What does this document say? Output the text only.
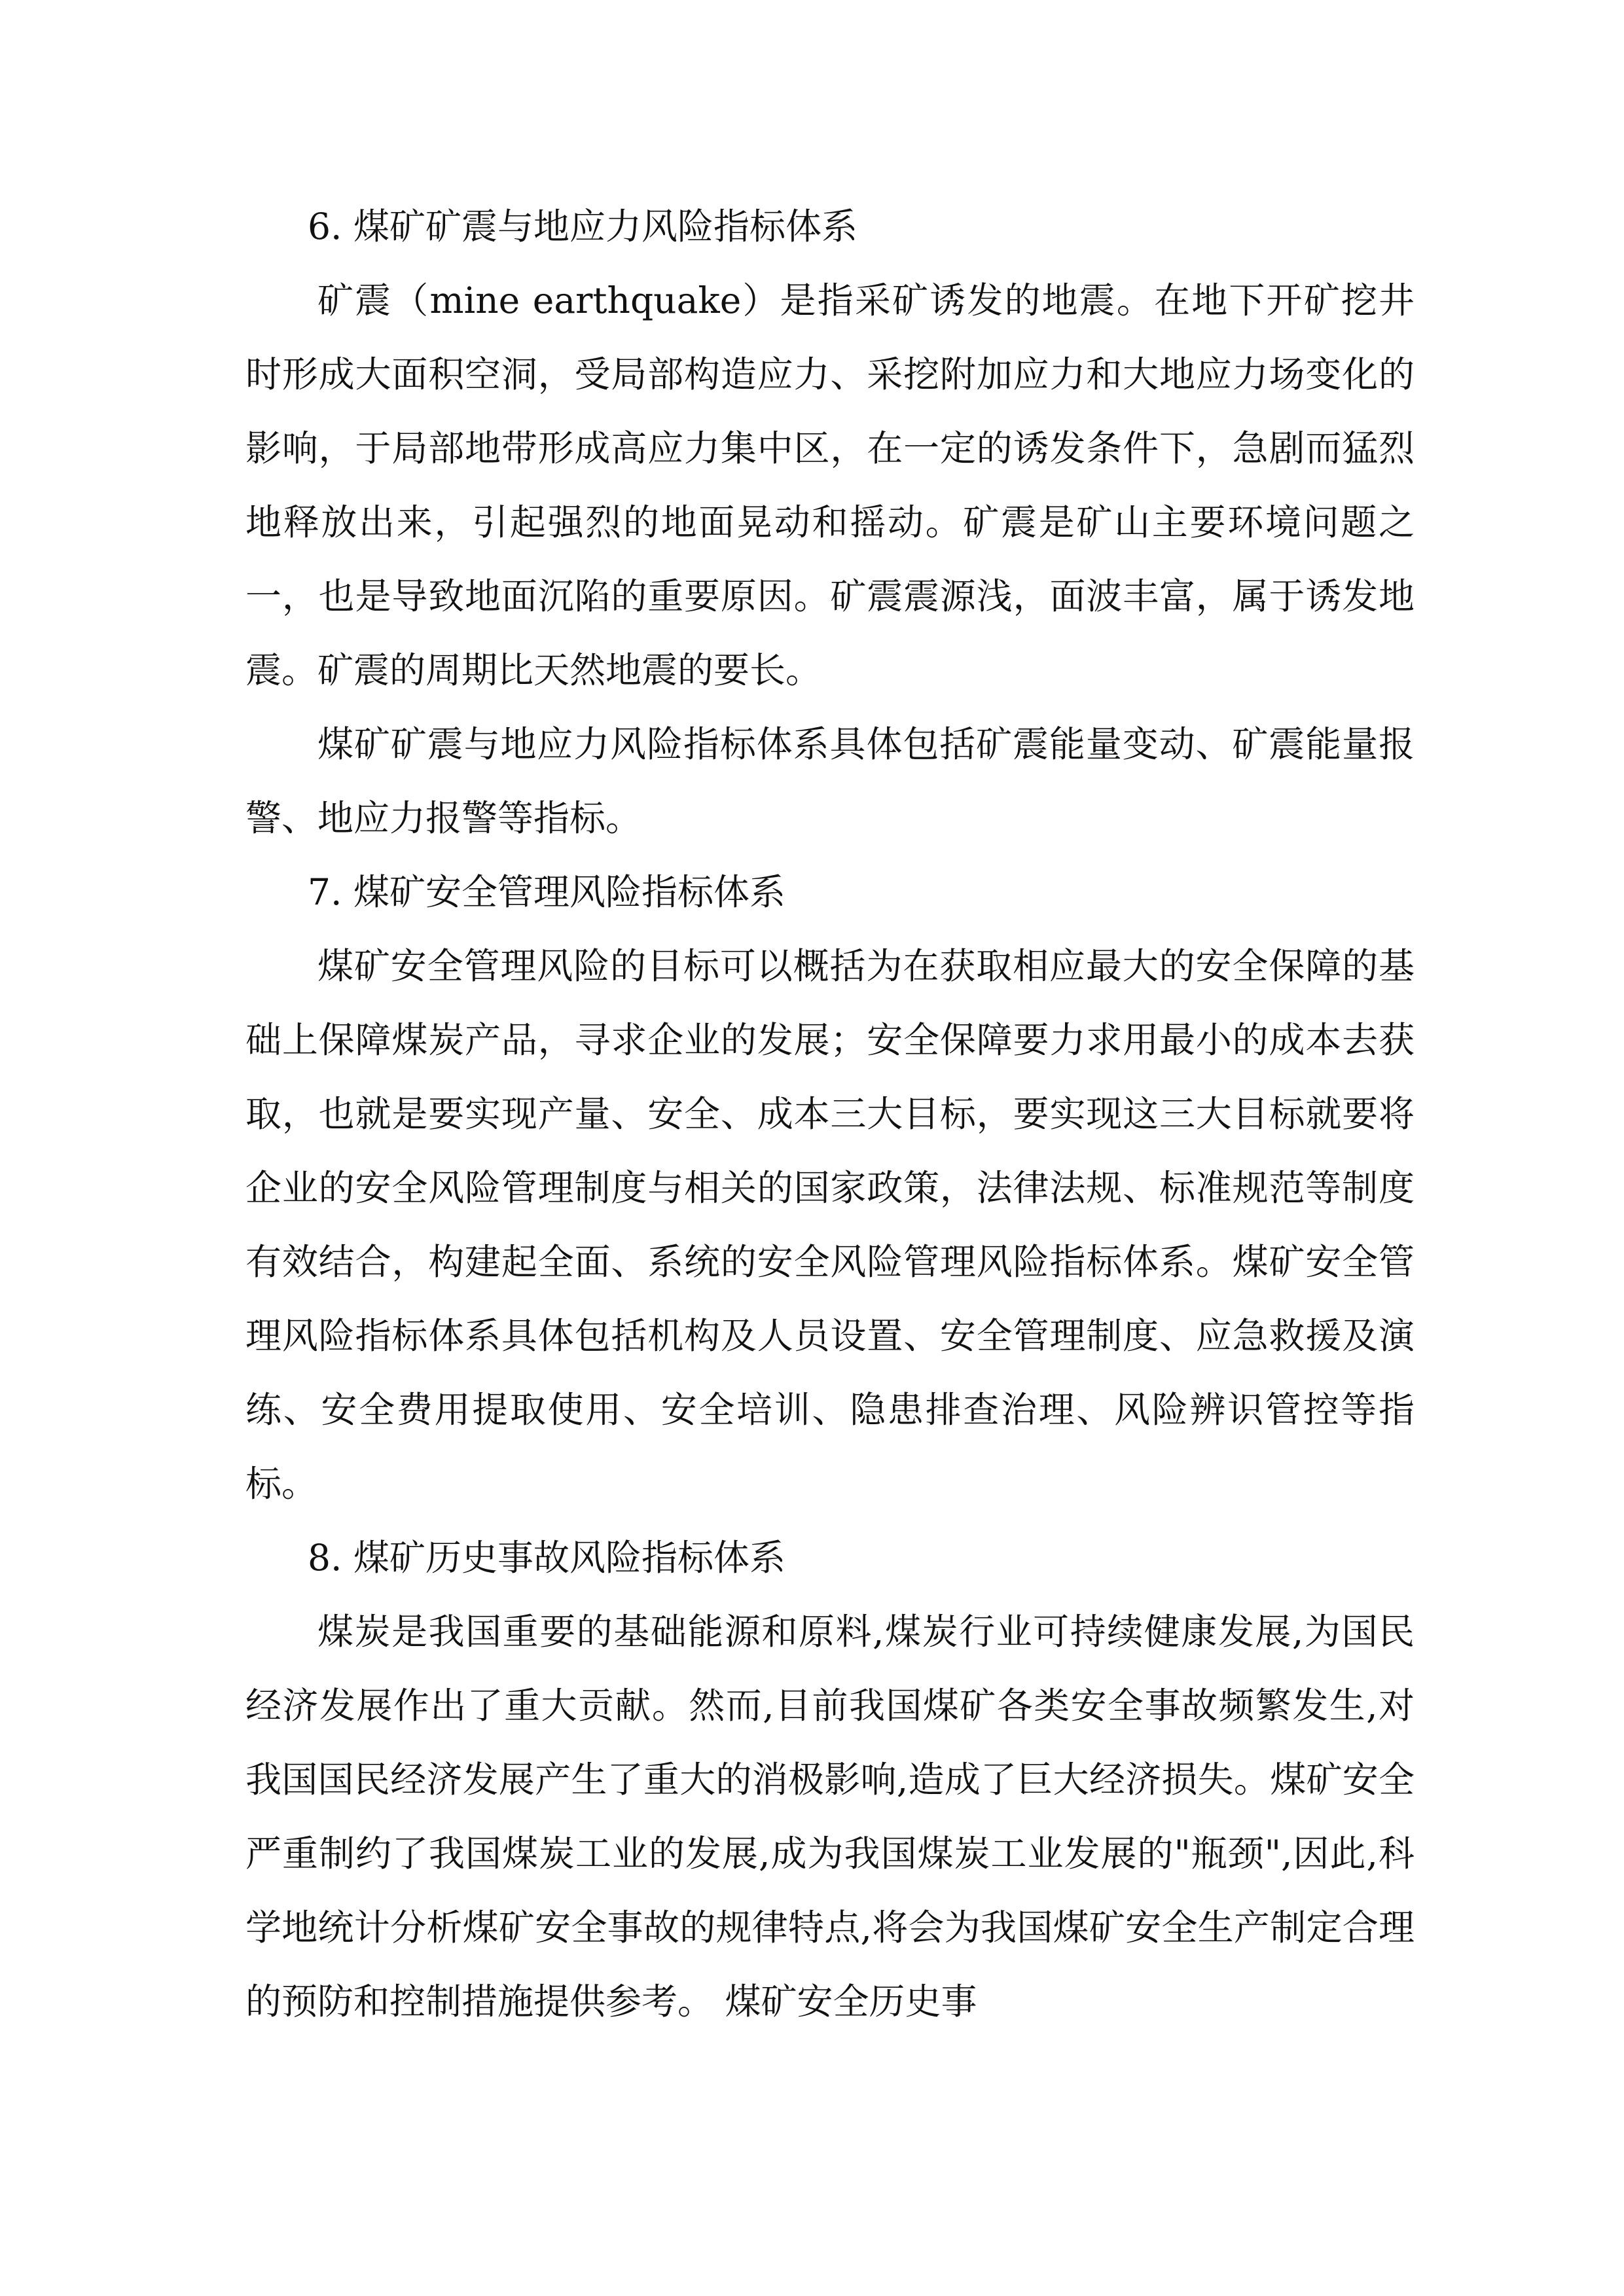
6. 煤矿矿震与地应力风险指标体系

矿震（mine earthquake）是指采矿诱发的地震。在地下开矿挖井时形成大面积空洞，受局部构造应力、采挖附加应力和大地应力场变化的影响，于局部地带形成高应力集中区，在一定的诱发条件下，急剧而猛烈地释放出来，引起强烈的地面晃动和摇动。矿震是矿山主要环境问题之一，也是导致地面沉陷的重要原因。矿震震源浅，面波丰富，属于诱发地震。矿震的周期比天然地震的要长。

煤矿矿震与地应力风险指标体系具体包括矿震能量变动、矿震能量报警、地应力报警等指标。

7. 煤矿安全管理风险指标体系

煤矿安全管理风险的目标可以概括为在获取相应最大的安全保障的基础上保障煤炭产品，寻求企业的发展；安全保障要力求用最小的成本去获取，也就是要实现产量、安全、成本三大目标，要实现这三大目标就要将企业的安全风险管理制度与相关的国家政策，法律法规、标准规范等制度有效结合，构建起全面、系统的安全风险管理风险指标体系。煤矿安全管理风险指标体系具体包括机构及人员设置、安全管理制度、应急救援及演练、安全费用提取使用、安全培训、隐患排查治理、风险辨识管控等指标。

8. 煤矿历史事故风险指标体系

煤炭是我国重要的基础能源和原料,煤炭行业可持续健康发展,为国民经济发展作出了重大贡献。然而,目前我国煤矿各类安全事故频繁发生,对我国国民经济发展产生了重大的消极影响,造成了巨大经济损失。煤矿安全严重制约了我国煤炭工业的发展,成为我国煤炭工业发展的"瓶颈",因此,科学地统计分析煤矿安全事故的规律特点,将会为我国煤矿安全生产制定合理的预防和控制措施提供参考。 煤矿安全历史事
